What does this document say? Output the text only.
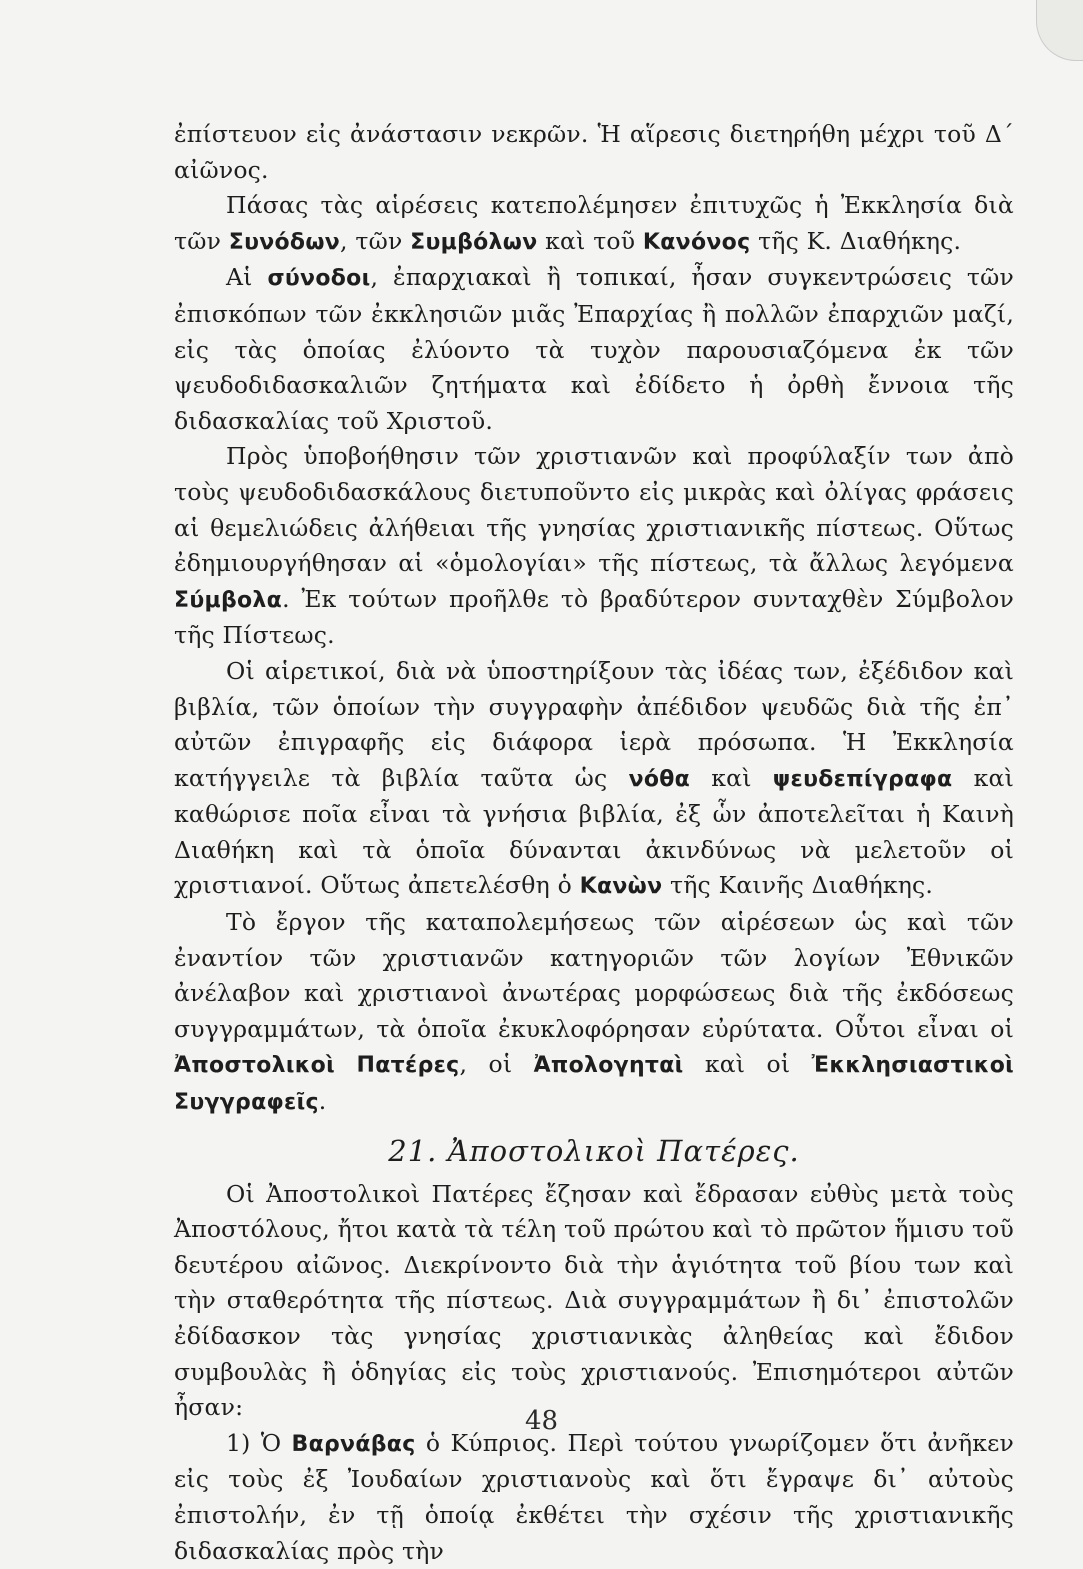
ἐπίστευον εἰς ἀνάστασιν νεκρῶν. Ἡ αἵρεσις διετηρήθη μέχρι τοῦ Δ΄ αἰῶνος.

Πάσας τὰς αἱρέσεις κατεπολέμησεν ἐπιτυχῶς ἡ Ἐκκλησία διὰ τῶν Συνόδων, τῶν Συμβόλων καὶ τοῦ Κανόνος τῆς Κ. Διαθήκης.

Αἱ σύνοδοι, ἐπαρχιακαὶ ἢ τοπικαί, ἦσαν συγκεντρώσεις τῶν ἐπισκόπων τῶν ἐκκλησιῶν μιᾶς Ἐπαρχίας ἢ πολλῶν ἐπαρχιῶν μαζί, εἰς τὰς ὁποίας ἐλύοντο τὰ τυχὸν παρουσιαζόμενα ἐκ τῶν ψευδοδιδασκαλιῶν ζητήματα καὶ ἐδίδετο ἡ ὀρθὴ ἔννοια τῆς διδασκαλίας τοῦ Χριστοῦ.

Πρὸς ὑποβοήθησιν τῶν χριστιανῶν καὶ προφύλαξίν των ἀπὸ τοὺς ψευδοδιδασκάλους διετυποῦντο εἰς μικρὰς καὶ ὀλίγας φράσεις αἱ θεμελιώδεις ἀλήθειαι τῆς γνησίας χριστιανικῆς πίστεως. Οὕτως ἐδημιουργήθησαν αἱ «ὁμολογίαι» τῆς πίστεως, τὰ ἄλλως λεγόμενα Σύμβολα. Ἐκ τούτων προῆλθε τὸ βραδύτερον συνταχθὲν Σύμβολον τῆς Πίστεως.

Οἱ αἱρετικοί, διὰ νὰ ὑποστηρίξουν τὰς ἰδέας των, ἐξέδιδον καὶ βιβλία, τῶν ὁποίων τὴν συγγραφὴν ἀπέδιδον ψευδῶς διὰ τῆς ἐπ᾽ αὐτῶν ἐπιγραφῆς εἰς διάφορα ἱερὰ πρόσωπα. Ἡ Ἐκκλησία κατήγγειλε τὰ βιβλία ταῦτα ὡς νόθα καὶ ψευδεπίγραφα καὶ καθώρισε ποῖα εἶναι τὰ γνήσια βιβλία, ἐξ ὧν ἀποτελεῖται ἡ Καινὴ Διαθήκη καὶ τὰ ὁποῖα δύνανται ἀκινδύνως νὰ μελετοῦν οἱ χριστιανοί. Οὕτως ἀπετελέσθη ὁ Κανὼν τῆς Καινῆς Διαθήκης.

Τὸ ἔργον τῆς καταπολεμήσεως τῶν αἱρέσεων ὡς καὶ τῶν ἐναντίον τῶν χριστιανῶν κατηγοριῶν τῶν λογίων Ἐθνικῶν ἀνέλαβον καὶ χριστιανοὶ ἀνωτέρας μορφώσεως διὰ τῆς ἐκδόσεως συγγραμμάτων, τὰ ὁποῖα ἐκυκλοφόρησαν εὐρύτατα. Οὗτοι εἶναι οἱ Ἀποστολικοὶ Πατέρες, οἱ Ἀπολογηταὶ καὶ οἱ Ἐκκλησιαστικοὶ Συγγραφεῖς.

21. Ἀποστολικοὶ Πατέρες.

Οἱ Ἀποστολικοὶ Πατέρες ἔζησαν καὶ ἔδρασαν εὐθὺς μετὰ τοὺς Ἀποστόλους, ἤτοι κατὰ τὰ τέλη τοῦ πρώτου καὶ τὸ πρῶτον ἥμισυ τοῦ δευτέρου αἰῶνος. Διεκρίνοντο διὰ τὴν ἁγιότητα τοῦ βίου των καὶ τὴν σταθερότητα τῆς πίστεως. Διὰ συγγραμμάτων ἢ δι᾽ ἐπιστολῶν ἐδίδασκον τὰς γνησίας χριστιανικὰς ἀληθείας καὶ ἔδιδον συμβουλὰς ἢ ὁδηγίας εἰς τοὺς χριστιανούς. Ἐπισημότεροι αὐτῶν ἦσαν:

1) Ὁ Βαρνάβας ὁ Κύπριος. Περὶ τούτου γνωρίζομεν ὅτι ἀνῆκεν εἰς τοὺς ἐξ Ἰουδαίων χριστιανοὺς καὶ ὅτι ἔγραψε δι᾽ αὐτοὺς ἐπιστολήν, ἐν τῇ ὁποίᾳ ἐκθέτει τὴν σχέσιν τῆς χριστιανικῆς διδασκαλίας πρὸς τὴν

48
